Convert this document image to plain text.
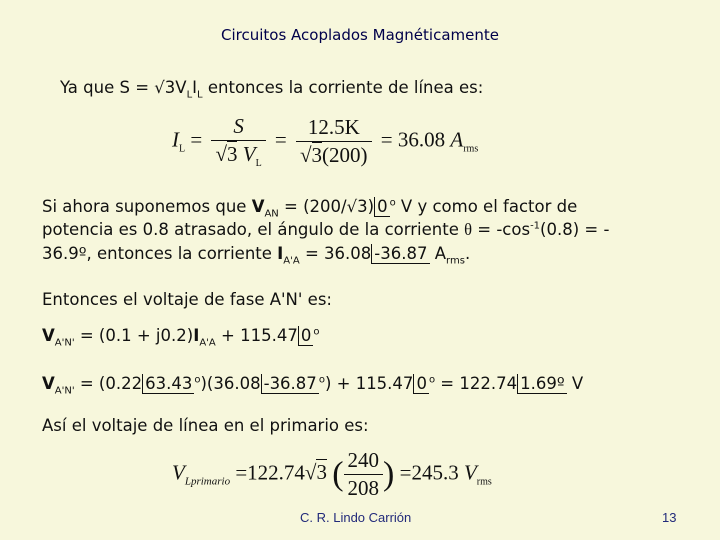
Circuitos Acoplados Magnéticamente
Ya que $S = √3V_LI_L$ entonces la corriente de línea es:
$I_L = \frac{S}{√3 V_L} = \frac{12.5K}{√3(200)} = 36.08$ $A_{rms}$
Si ahora suponemos que $V_{AN} = (200/√3)$ 0 $^o$ V y como el factor de
potencia es 0.8 atrasado, el ángulo de la corriente $\theta = -\cos^{-1}(0.8)$ = -
36.9º, entonces la corriente $I_{A'A} = 36.08$ -36.87 $A_{rms}$.
Entonces el voltaje de fase A'N' es:
$V_{A'N'} = (0.1 + j0.2)I_{A'A} + 115.47$ 0 $^o$
$V_{A'N'} = (0.22$ 63.43 $^o$)(36.08 -36.87 $^o$) + 115.47 0 $^o$ = 122.74 1.69º V
Así el voltaje de línea en el primario es:
$V_{Lprimario} =122.74√3$ ( $\frac{240}{208}$ ) =245.3 $V_{rms}$
C. R. Lindo Carrión	13
